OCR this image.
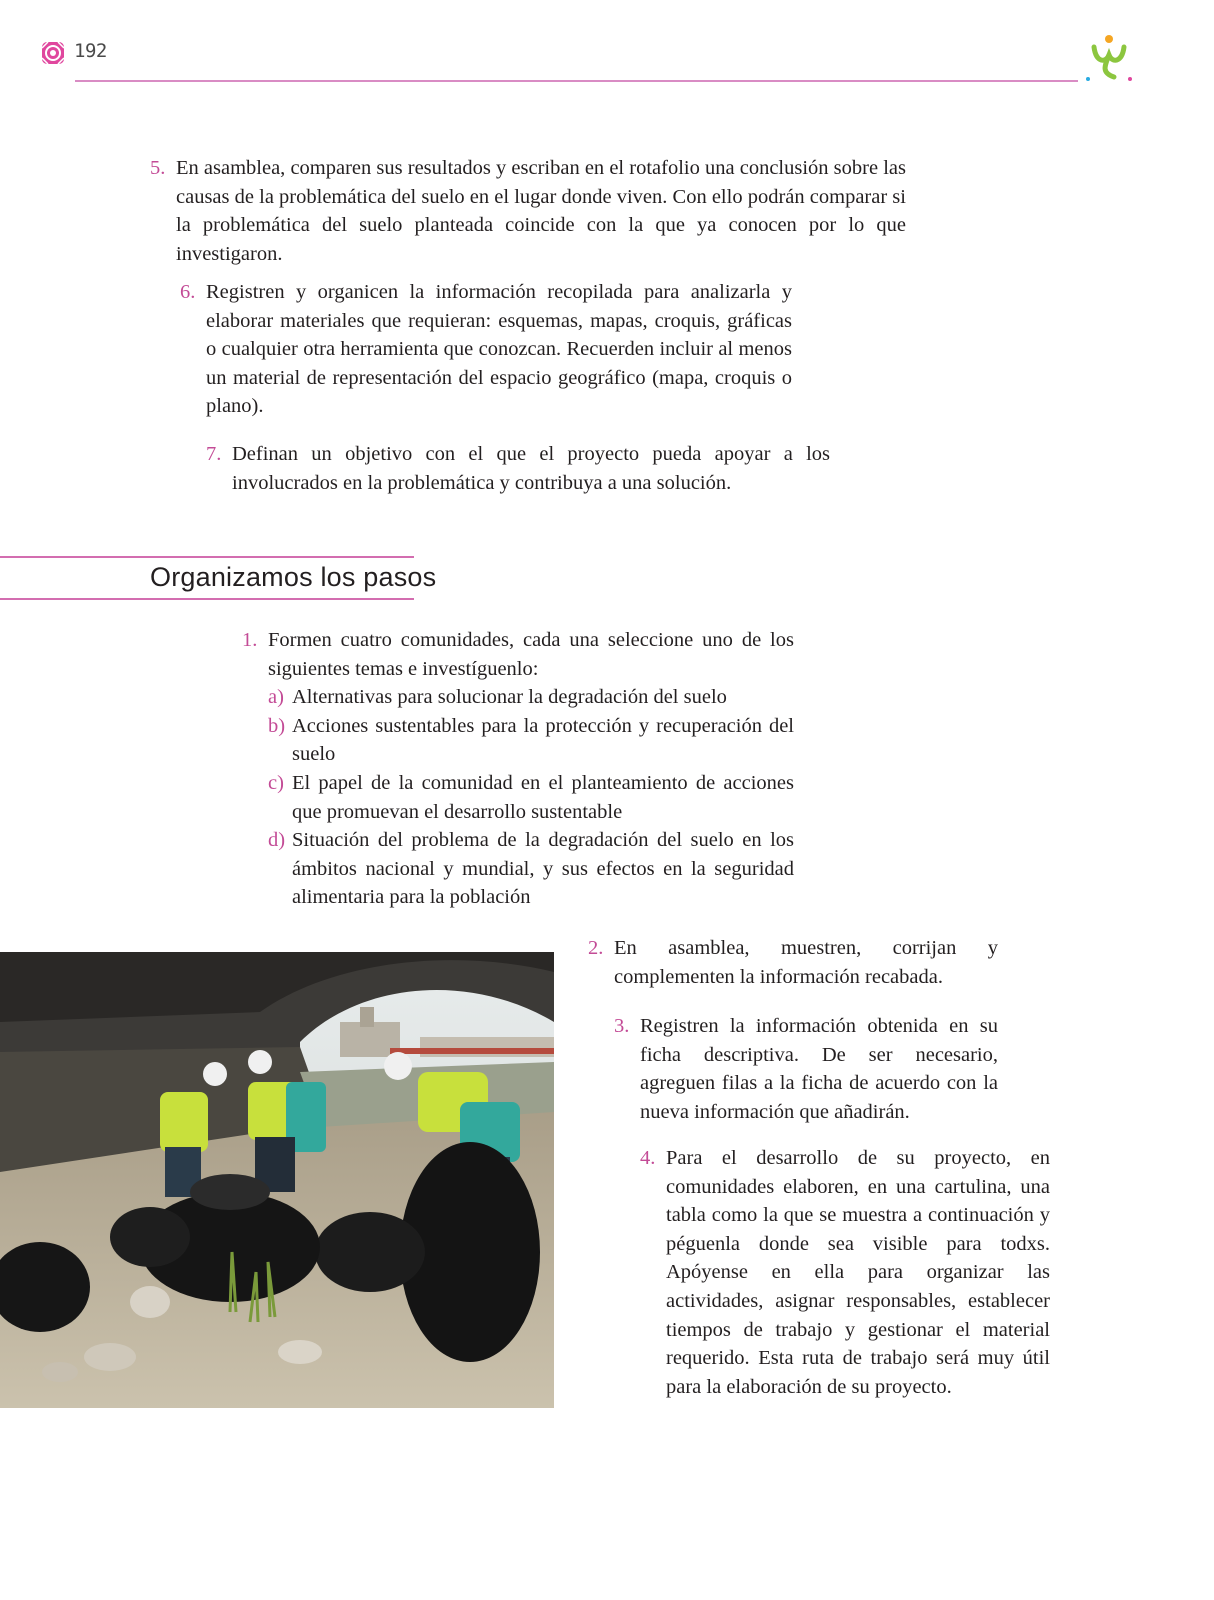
192

5. En asamblea, comparen sus resultados y escriban en el rotafolio una conclusión sobre las causas de la problemática del suelo en el lugar donde viven. Con ello podrán comparar si la problemática del suelo planteada coincide con la que ya conocen por lo que investigaron.

6. Registren y organicen la información recopilada para analizarla y elaborar materiales que requieran: esquemas, mapas, croquis, gráficas o cualquier otra herramienta que conozcan. Recuerden incluir al menos un material de representación del espacio geográfico (mapa, croquis o plano).

7. Definan un objetivo con el que el proyecto pueda apoyar a los involucrados en la problemática y contribuya a una solución.

Organizamos los pasos

1. Formen cuatro comunidades, cada una seleccione uno de los siguientes temas e investíguenlo:

a) Alternativas para solucionar la degradación del suelo

b) Acciones sustentables para la protección y recuperación del suelo

c) El papel de la comunidad en el planteamiento de acciones que promuevan el desarrollo sustentable

d) Situación del problema de la degradación del suelo en los ámbitos nacional y mundial, y sus efectos en la seguridad alimentaria para la población

2. En asamblea, muestren, corrijan y complementen la información recabada.

3. Registren la información obtenida en su ficha descriptiva. De ser necesario, agreguen filas a la ficha de acuerdo con la nueva información que añadirán.

4. Para el desarrollo de su proyecto, en comunidades elaboren, en una cartulina, una tabla como la que se muestra a continuación y péguenla donde sea visible para todxs. Apóyense en ella para organizar las actividades, asignar responsables, establecer tiempos de trabajo y gestionar el material requerido. Esta ruta de trabajo será muy útil para la elaboración de su proyecto.
